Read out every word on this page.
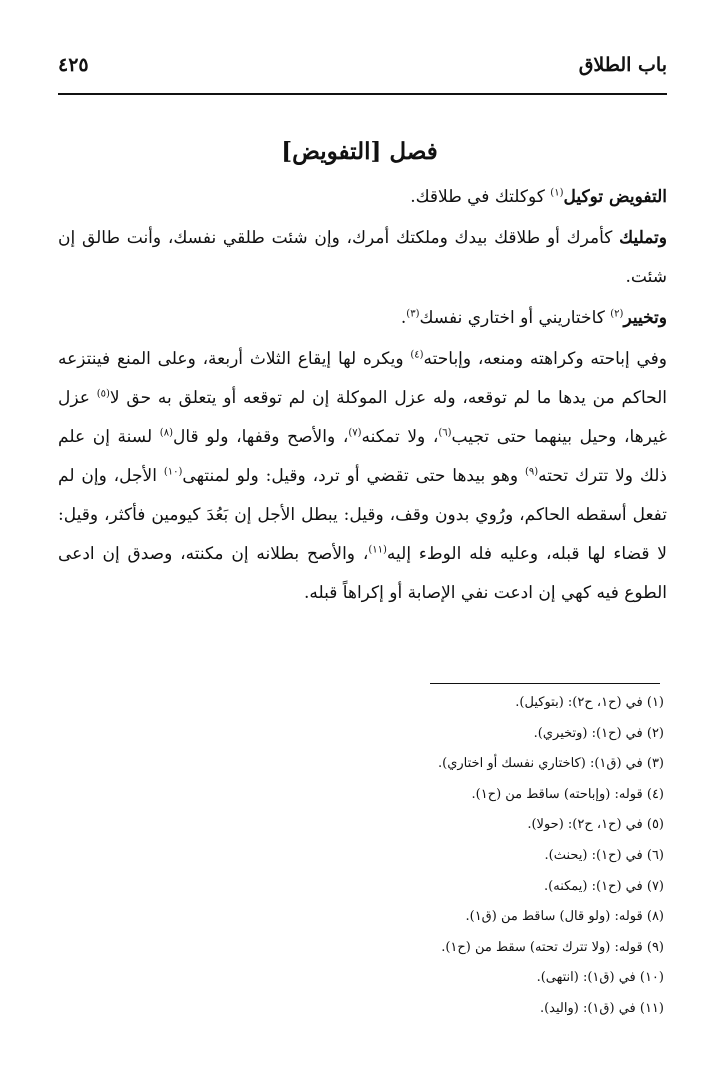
باب الطلاق
٤٢٥
فصل [التفويض]

التفويض توكيل$^{(١)}$ كوكلتك في طلاقك.

وتمليك كأمرك أو طلاقك بيدك وملكتك أمرك، وإن شئت طلقي نفسك، وأنت طالق إن شئت.

وتخيير$^{(٢)}$ كاختاريني أو اختاري نفسك$^{(٣)}$.

وفي إباحته وكراهته ومنعه، وإباحته$^{(٤)}$ ويكره لها إيقاع الثلاث أربعة، وعلى المنع فينتزعه الحاكم من يدها ما لم توقعه، وله عزل الموكلة إن لم توقعه أو يتعلق به حق لا$^{(٥)}$ عزل غيرها، وحيل بينهما حتى تجيب$^{(٦)}$، ولا تمكنه$^{(٧)}$، والأصح وقفها، ولو قال$^{(٨)}$ لسنة إن علم ذلك ولا تترك تحته$^{(٩)}$ وهو بيدها حتى تقضي أو ترد، وقيل: ولو لمنتهى$^{(١٠)}$ الأجل، وإن لم تفعل أسقطه الحاكم، ورُوي بدون وقف، وقيل: يبطل الأجل إن بَعُدَ كيومين فأكثر، وقيل: لا قضاء لها قبله، وعليه فله الوطء إليه$^{(١١)}$، والأصح بطلانه إن مكنته، وصدق إن ادعى الطوع فيه كهي إن ادعت نفي الإصابة أو إكراهاً قبله.

(١) في (ح١، ح٢): (بتوكيل).
(٢) في (ح١): (وتخيري).
(٣) في (ق١): (كاختاري نفسك أو اختاري).
(٤) قوله: (وإباحته) ساقط من (ح١).
(٥) في (ح١، ح٢): (حولا).
(٦) في (ح١): (يحنث).
(٧) في (ح١): (يمكنه).
(٨) قوله: (ولو قال) ساقط من (ق١).
(٩) قوله: (ولا تترك تحته) سقط من (ح١).
(١٠) في (ق١): (انتهى).
(١١) في (ق١): (واليد).
